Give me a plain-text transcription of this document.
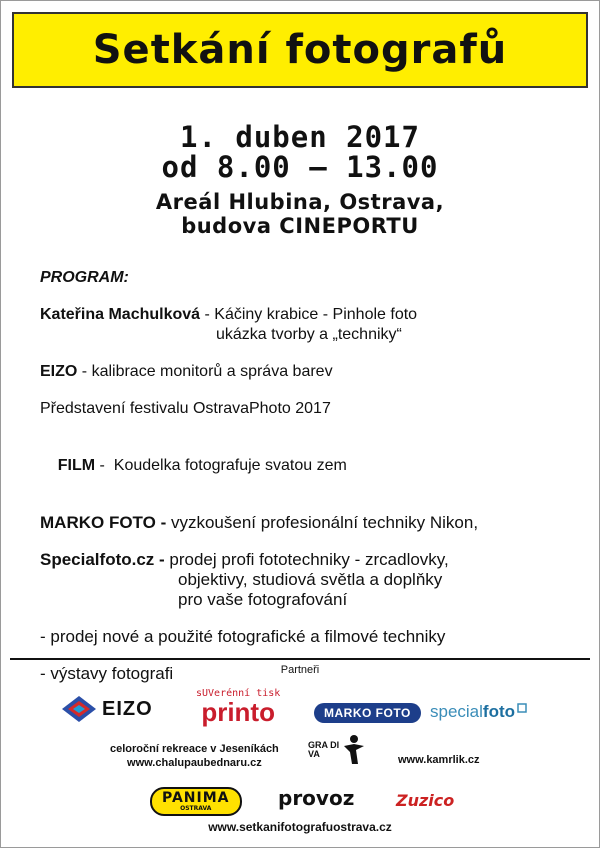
Setkání fotografů
1. duben 2017
od 8.00 – 13.00
Areál Hlubina, Ostrava,
budova CINEPORTU
PROGRAM:
Kateřina Machulková - Káčiny krabice - Pinhole foto
ukázka tvorby a „techniky“
EIZO - kalibrace monitorů a správa barev
Představení festivalu OstravaPhoto 2017

FILM -  Koudelka fotografuje svatou zem

MARKO FOTO - vyzkoušení profesionální techniky Nikon,
Specialfoto.cz - prodej profi fototechniky - zrcadlovky,
objektivy, studiová světla a doplňky
pro vaše fotografování
- prodej nové a použité fotografické a filmové techniky
- výstavy fotografi	Partneři
EIZO
sUVerénní tisk
printo	MARKO FOTO	specialfoto
celoroční rekreace v Jeseníkách
www.chalupaubednaru.cz
GRA DI VA	www.kamrlik.cz
PANIMA
OSTRAVA	provoz	Zuzico
www.setkanifotografuostrava.cz
